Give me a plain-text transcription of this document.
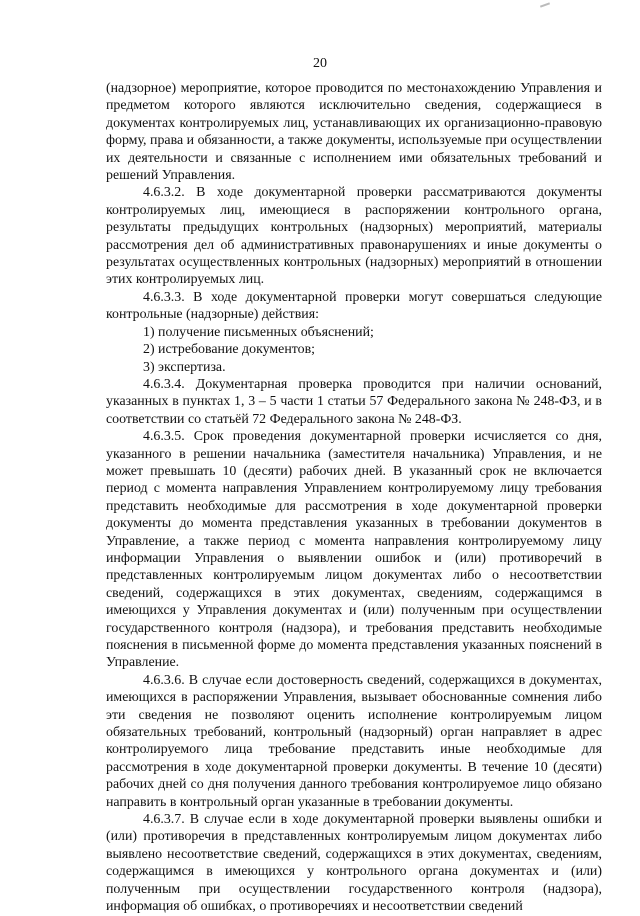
20

(надзорное) мероприятие, которое проводится по местонахождению Управления и предметом которого являются исключительно сведения, содержащиеся в документах контролируемых лиц, устанавливающих их организационно-правовую форму, права и обязанности, а также документы, используемые при осуществлении их деятельности и связанные с исполнением ими обязательных требований и решений Управления.

4.6.3.2. В ходе документарной проверки рассматриваются документы контролируемых лиц, имеющиеся в распоряжении контрольного органа, результаты предыдущих контрольных (надзорных) мероприятий, материалы рассмотрения дел об административных правонарушениях и иные документы о результатах осуществленных контрольных (надзорных) мероприятий в отношении этих контролируемых лиц.

4.6.3.3. В ходе документарной проверки могут совершаться следующие контрольные (надзорные) действия:

1) получение письменных объяснений;

2) истребование документов;

3) экспертиза.

4.6.3.4. Документарная проверка проводится при наличии оснований, указанных в пунктах 1, 3 – 5 части 1 статьи 57 Федерального закона № 248-ФЗ, и в соответствии со статьёй 72 Федерального закона № 248-ФЗ.

4.6.3.5. Срок проведения документарной проверки исчисляется со дня, указанного в решении начальника (заместителя начальника) Управления, и не может превышать 10 (десяти) рабочих дней. В указанный срок не включается период с момента направления Управлением контролируемому лицу требования представить необходимые для рассмотрения в ходе документарной проверки документы до момента представления указанных в требовании документов в Управление, а также период с момента направления контролируемому лицу информации Управления о выявлении ошибок и (или) противоречий в представленных контролируемым лицом документах либо о несоответствии сведений, содержащихся в этих документах, сведениям, содержащимся в имеющихся у Управления документах и (или) полученным при осуществлении государственного контроля (надзора), и требования представить необходимые пояснения в письменной форме до момента представления указанных пояснений в Управление.

4.6.3.6. В случае если достоверность сведений, содержащихся в документах, имеющихся в распоряжении Управления, вызывает обоснованные сомнения либо эти сведения не позволяют оценить исполнение контролируемым лицом обязательных требований, контрольный (надзорный) орган направляет в адрес контролируемого лица требование представить иные необходимые для рассмотрения в ходе документарной проверки документы. В течение 10 (десяти) рабочих дней со дня получения данного требования контролируемое лицо обязано направить в контрольный орган указанные в требовании документы.

4.6.3.7. В случае если в ходе документарной проверки выявлены ошибки и (или) противоречия в представленных контролируемым лицом документах либо выявлено несоответствие сведений, содержащихся в этих документах, сведениям, содержащимся в имеющихся у контрольного органа документах и (или) полученным при осуществлении государственного контроля (надзора), информация об ошибках, о противоречиях и несоответствии сведений
